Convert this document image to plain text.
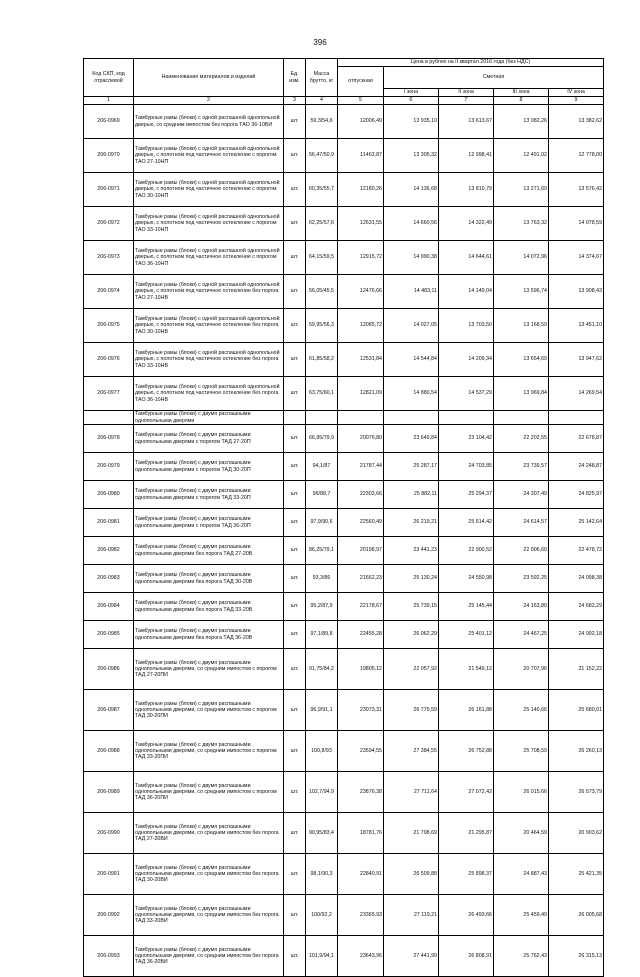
396
Код СКП, код отраслевой	Наименование материалов и изделий	Ед. изм.	Масса брутто, кг	Цена в рублях на II квартал 2016 года (без НДС)				
				отпускная	Сметная			
					I зона	II зона	III зона	IV зона
1	2	3	4	5	6	7	8	9
206-0969	Тамбурные рамы (блоки) с одной распашной однопольной дверью, со средним импостом без порога ТАО 36-10ВИ	шт.	59,3/54,6	12006,49	13 935,10	13 613,67	13 082,26	13 382,62
206-0970	Тамбурные рамы (блоки) с одной распашной однопольной дверью, с полотном под частичное остекление с порогом ТАО 27-10НП	шт.	56,47/50,9	11463,87	13 305,32	12 998,41	12 491,02	12 778,00
206-0971	Тамбурные рамы (блоки) с одной распашной однопольной дверью, с полотном под частичное остекление с порогом ТАО 30-10НП	шт.	60,35/55,7	12180,26	14 136,68	13 810,79	13 271,69	13 576,42
206-0972	Тамбурные рамы (блоки) с одной распашной однопольной дверью, с полотном под частичное остекление с порогом ТАО 33-10НП	шт.	62,25/57,6	12631,55	14 660,56	14 322,49	13 763,32	14 078,59
206-0973	Тамбурные рамы (блоки) с одной распашной однопольной дверью, с полотном под частичное остекление с порогом ТАО 36-10НП	шт.	64,15/59,5	12915,72	14 990,38	14 644,61	14 072,96	14 374,67
206-0974	Тамбурные рамы (блоки) с одной распашной однопольной дверью, с полотном под частичное остекление без порога ТАО 27-10НВ	шт.	56,05/45,5	12476,66	14 483,11	14 149,04	13 596,74	13 908,43
206-0975	Тамбурные рамы (блоки) с одной распашной однопольной дверью, с полотном под частичное остекление без порога ТАО 30-10НВ	шт.	59,95/56,3	12085,72	14 027,05	13 703,50	13 168,59	13 451,10
206-0976	Тамбурные рамы (блоки) с одной распашной однопольной дверью, с полотном под частичное остекление без порога ТАО 33-10НВ	шт.	61,85/58,2	12531,84	14 544,84	14 209,34	13 654,69	13 947,62
206-0977	Тамбурные рамы (блоки) с одной распашной однопольной дверью, с полотном под частичное остекление без порога ТАО 36-10НВ	шт.	63,75/60,1	12821,09	14 880,54	14 537,29	13 969,84	14 269,54
	Тамбурные рамы (блоки) с двумя распашными однопольными дверями							
206-0978	Тамбурные рамы (блоки) с двумя распашными однопольными дверями с порогом ТАД 27-20П	шт.	66,95/79,9	20076,80	23 649,84	23 104,42	22 202,55	22 678,87
206-0979	Тамбурные рамы (блоки) с двумя распашными однопольными дверями с порогом ТАД 30-20П	шт.	94,1/87	21787,44	25 287,17	24 703,85	23 739,57	24 248,87
206-0980	Тамбурные рамы (блоки) с двумя распашными однопольными дверями с порогом ТАД 33-20П	шт.	96/88,7	22303,66	25 882,11	25 294,37	24 307,49	24 825,97
206-0981	Тамбурные рамы (блоки) с двумя распашными однопольными дверями с порогом ТАД 36-20П	шт.	97,9/90,6	22560,49	26 219,21	25 614,42	24 614,57	25 142,64
206-0982	Тамбурные рамы (блоки) с двумя распашными однопольными дверями без порога ТАД 27-20В	шт.	86,25/79,1	20198,97	23 441,23	22 900,52	22 006,60	22 478,72
206-0983	Тамбурные рамы (блоки) с двумя распашными однопольными дверями без порога ТАД 30-20В	шт.	93,3/86	21662,23	25 130,24	24 550,98	23 592,25	24 098,38
206-0984	Тамбурные рамы (блоки) с двумя распашными однопольными дверями без порога ТАД 33-20В	шт.	95,2/87,9	22178,67	25 739,15	25 145,44	24 163,80	24 682,29
206-0985	Тамбурные рамы (блоки) с двумя распашными однопольными дверями без порога ТАД 36-20В	шт.	97,1/89,8	22455,28	26 062,29	25 401,12	24 467,25	24 992,18
206-0986	Тамбурные рамы (блоки) с двумя распашными однопольными дверями, со средним импостом с порогом ТАД 27-20ПИ	шт.	91,75/84,2	19805,12	22 057,92	21 549,12	20 707,96	21 152,22
206-0987	Тамбурные рамы (блоки) с двумя распашными однопольными дверями, со средним импостом с порогом ТАД 30-20ПИ	шт.	96,9/91,1	23073,31	26 779,59	26 161,88	25 140,66	25 680,01
206-0988	Тамбурные рамы (блоки) с двумя распашными однопольными дверями, со средним импостом с порогом ТАД 33-20ПИ	шт.	100,8/93	23594,55	27 384,55	26 752,88	25 708,59	26 260,13
206-0989	Тамбурные рамы (блоки) с двумя распашными однопольными дверями, со средним импостом с порогом ТАД 36-20ПИ	шт.	102,7/94,9	23876,38	27 711,64	27 072,42	26 015,66	26 573,79
206-0990	Тамбурные рамы (блоки) с двумя распашными однопольными дверями, со средним импостом без порога ТАД 27-20ВИ	шт.	90,95/83,4	18781,76	21 798,69	21 295,87	20 464,59	20 903,62
206-0991	Тамбурные рамы (блоки) с двумя распашными однопольными дверями, со средним импостом без порога ТАД 30-20ВИ	шт.	98,1/90,3	22840,91	26 509,88	25 898,37	24 887,43	25 421,35
206-0992	Тамбурные рамы (блоки) с двумя распашными однопольными дверями, со средним импостом без порога ТАД 33-20ВИ	шт.	100/92,2	23365,93	27 119,21	26 493,66	25 459,49	26 005,68
206-0993	Тамбурные рамы (блоки) с двумя распашными однопольными дверями, со средним импостом без порога ТАД 36-20ВИ	шт.	101,9/94,1	23643,96	27 441,99	26 808,91	25 762,43	26 315,13
